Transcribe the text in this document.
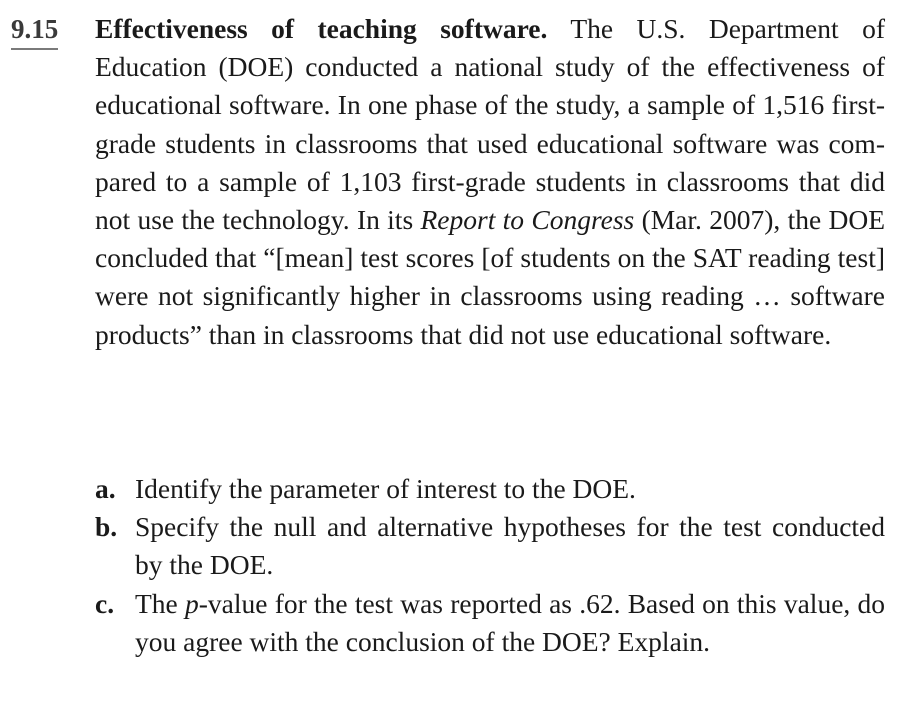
9.15 Effectiveness of teaching software. The U.S. Department of Education (DOE) conducted a national study of the effectiveness of educational software. In one phase of the study, a sample of 1,516 first-grade students in classrooms that used educational software was compared to a sample of 1,103 first-grade students in classrooms that did not use the technology. In its Report to Congress (Mar. 2007), the DOE concluded that “[mean] test scores [of students on the SAT reading test] were not significantly higher in classrooms using reading … software products” than in classrooms that did not use educational software.
a. Identify the parameter of interest to the DOE.
b. Specify the null and alternative hypotheses for the test conducted by the DOE.
c. The p-value for the test was reported as .62. Based on this value, do you agree with the conclusion of the DOE? Explain.
